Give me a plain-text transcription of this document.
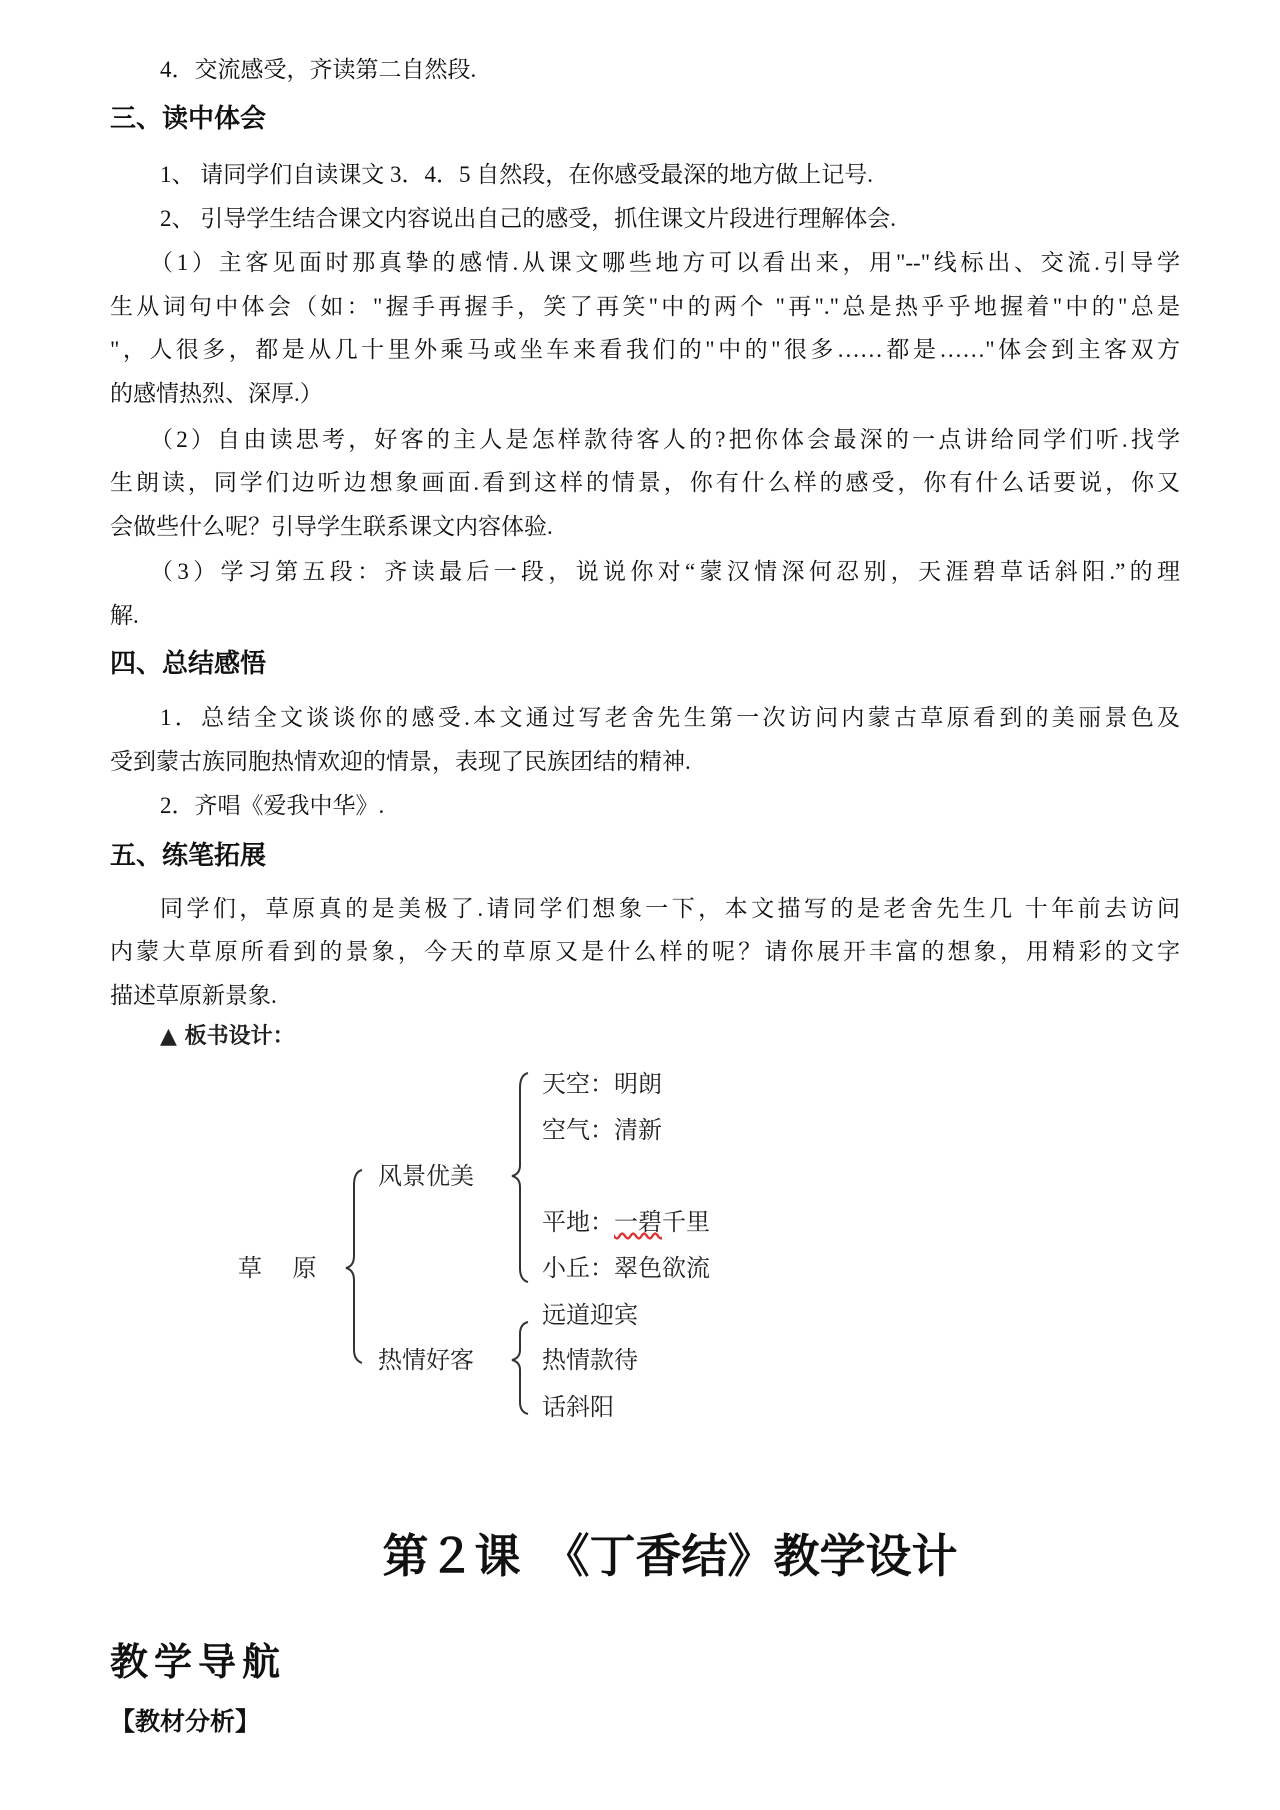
4．交流感受，齐读第二自然段.
三、读中体会
1、 请同学们自读课文 3．4．5 自然段，在你感受最深的地方做上记号.
2、 引导学生结合课文内容说出自己的感受，抓住课文片段进行理解体会.
（1）主客见面时那真挚的感情.从课文哪些地方可以看出来，用"--"线标出、交流.引导学
生从词句中体会（如："握手再握手，笑了再笑"中的两个 "再"."总是热乎乎地握着"中的"总是
"，人很多，都是从几十里外乘马或坐车来看我们的"中的"很多……都是……"体会到主客双方
的感情热烈、深厚.）
（2）自由读思考，好客的主人是怎样款待客人的?把你体会最深的一点讲给同学们听.找学
生朗读，同学们边听边想象画面.看到这样的情景，你有什么样的感受，你有什么话要说，你又
会做些什么呢？引导学生联系课文内容体验.
（3）学习第五段：齐读最后一段，说说你对“蒙汉情深何忍别，天涯碧草话斜阳.”的理
解.
四、总结感悟
1．总结全文谈谈你的感受.本文通过写老舍先生第一次访问内蒙古草原看到的美丽景色及
受到蒙古族同胞热情欢迎的情景，表现了民族团结的精神.
2．齐唱《爱我中华》.
五、练笔拓展
同学们，草原真的是美极了.请同学们想象一下，本文描写的是老舍先生几 十年前去访问
内蒙大草原所看到的景象，今天的草原又是什么样的呢？请你展开丰富的想象，用精彩的文字
描述草原新景象.
▲ 板书设计：
草    原
风景优美
热情好客
天空：明朗
空气：清新
平地：一碧千里
小丘：翠色欲流
远道迎宾
热情款待
话斜阳
第２课　《丁香结》教学设计
教学导航
【教材分析】
